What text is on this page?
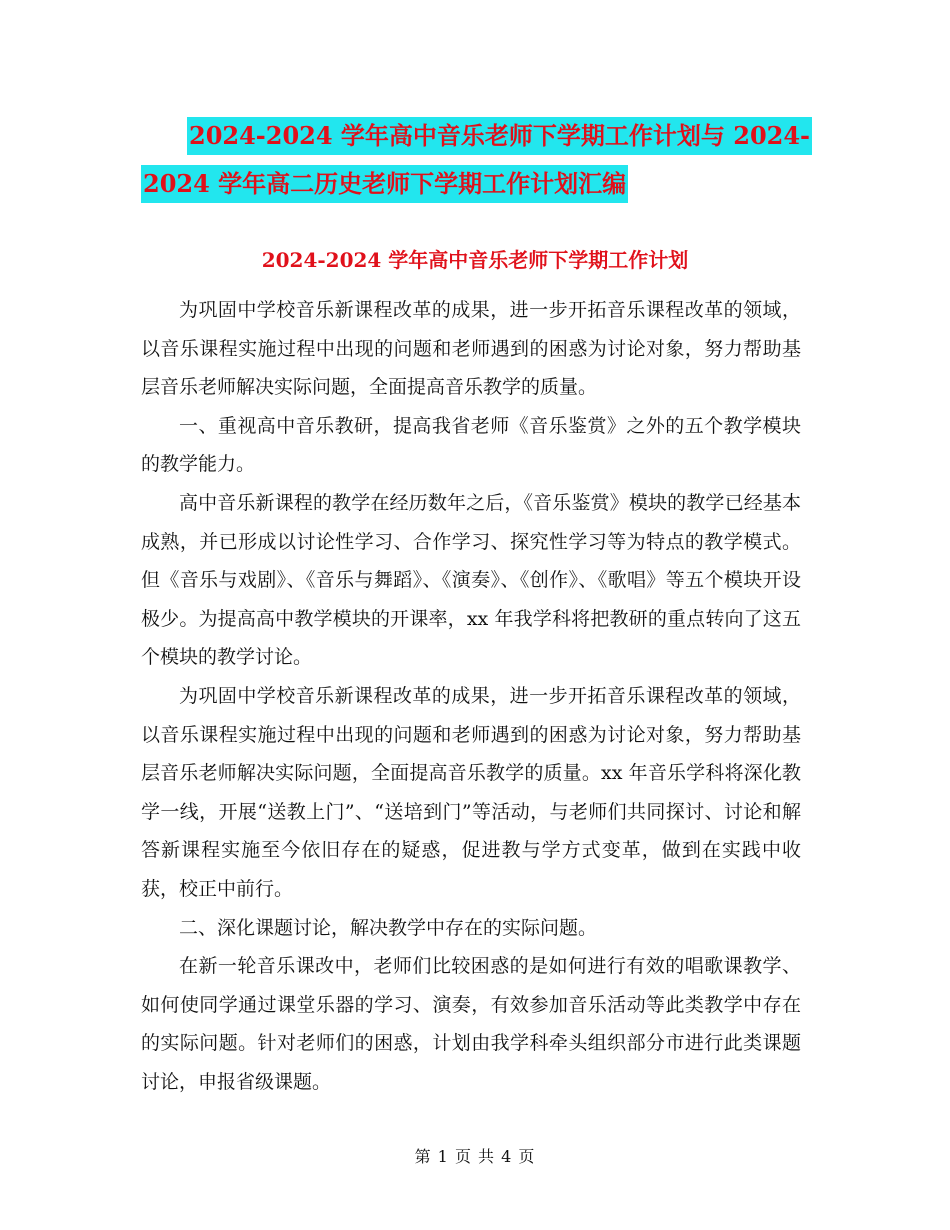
2024-2024 学年高中音乐老师下学期工作计划与 2024-
2024 学年高二历史老师下学期工作计划汇编
2024-2024 学年高中音乐老师下学期工作计划

为巩固中学校音乐新课程改革的成果，进一步开拓音乐课程改革的领域，以音乐课程实施过程中出现的问题和老师遇到的困惑为讨论对象，努力帮助基层音乐老师解决实际问题，全面提高音乐教学的质量。

一、重视高中音乐教研，提高我省老师《音乐鉴赏》之外的五个教学模块的教学能力。

高中音乐新课程的教学在经历数年之后，《音乐鉴赏》模块的教学已经基本成熟，并已形成以讨论性学习、合作学习、探究性学习等为特点的教学模式。但《音乐与戏剧》、《音乐与舞蹈》、《演奏》、《创作》、《歌唱》等五个模块开设极少。为提高高中教学模块的开课率，xx 年我学科将把教研的重点转向了这五个模块的教学讨论。

为巩固中学校音乐新课程改革的成果，进一步开拓音乐课程改革的领域，以音乐课程实施过程中出现的问题和老师遇到的困惑为讨论对象，努力帮助基层音乐老师解决实际问题，全面提高音乐教学的质量。xx 年音乐学科将深化教学一线，开展“送教上门”、“送培到门”等活动，与老师们共同探讨、讨论和解答新课程实施至今依旧存在的疑惑，促进教与学方式变革，做到在实践中收获，校正中前行。

二、深化课题讨论，解决教学中存在的实际问题。

在新一轮音乐课改中，老师们比较困惑的是如何进行有效的唱歌课教学、如何使同学通过课堂乐器的学习、演奏，有效参加音乐活动等此类教学中存在的实际问题。针对老师们的困惑，计划由我学科牵头组织部分市进行此类课题讨论，申报省级课题。

第 1 页 共 4 页
